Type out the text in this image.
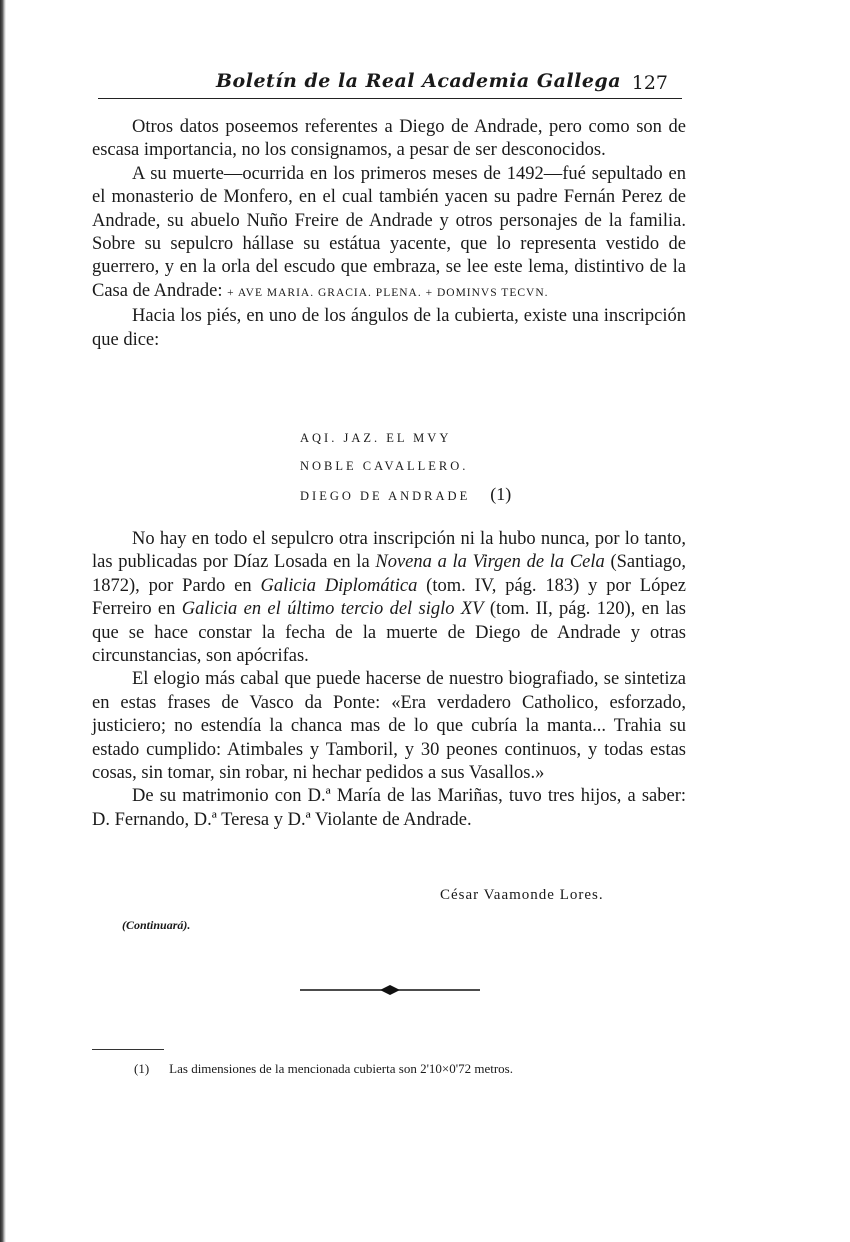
Boletín de la Real Academia Gallega 127

Otros datos poseemos referentes a Diego de Andrade, pero como son de escasa importancia, no los consignamos, a pesar de ser desconocidos.

A su muerte—ocurrida en los primeros meses de 1492—fué sepultado en el monasterio de Monfero, en el cual también yacen su padre Fernán Perez de Andrade, su abuelo Nuño Freire de Andrade y otros personajes de la familia. Sobre su sepulcro hállase su estátua yacente, que lo representa vestido de guerrero, y en la orla del escudo que embraza, se lee este lema, distintivo de la Casa de Andrade: + AVE MARIA. GRACIA. PLENA. + DOMINVS TECVN.

Hacia los piés, en uno de los ángulos de la cubierta, existe una inscripción que dice:

AQI. JAZ. EL MVY
NOBLE CAVALLERO.
DIEGO DE ANDRADE (1)

No hay en todo el sepulcro otra inscripción ni la hubo nunca, por lo tanto, las publicadas por Díaz Losada en la Novena a la Virgen de la Cela (Santiago, 1872), por Pardo en Galicia Diplomática (tom. IV, pág. 183) y por López Ferreiro en Galicia en el último tercio del siglo XV (tom. II, pág. 120), en las que se hace constar la fecha de la muerte de Diego de Andrade y otras circunstancias, son apócrifas.

El elogio más cabal que puede hacerse de nuestro biografiado, se sintetiza en estas frases de Vasco da Ponte: «Era verdadero Catholico, esforzado, justiciero; no estendía la chanca mas de lo que cubría la manta... Trahia su estado cumplido: Atimbales y Tamboril, y 30 peones continuos, y todas estas cosas, sin tomar, sin robar, ni hechar pedidos a sus Vasallos.»

De su matrimonio con D.ª María de las Mariñas, tuvo tres hijos, a saber: D. Fernando, D.ª Teresa y D.ª Violante de Andrade.

César Vaamonde Lores.
(Continuará).
(1) Las dimensiones de la mencionada cubierta son 2'10×0'72 metros.
